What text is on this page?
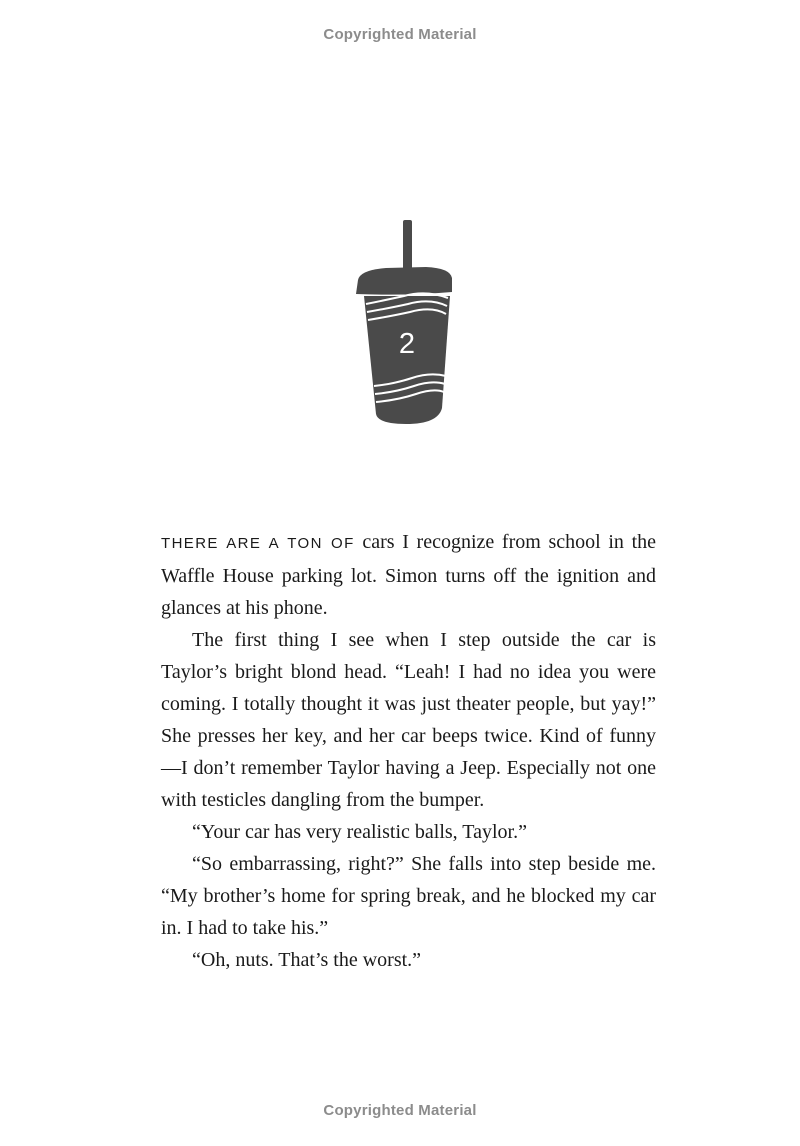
Copyrighted Material
2

THERE ARE A TON OF cars I recognize from school in the Waffle House parking lot. Simon turns off the ignition and glances at his phone.

The first thing I see when I step outside the car is Taylor’s bright blond head. “Leah! I had no idea you were coming. I totally thought it was just theater people, but yay!” She presses her key, and her car beeps twice. Kind of funny—I don’t remember Taylor having a Jeep. Especially not one with testicles dangling from the bumper.

“Your car has very realistic balls, Taylor.”

“So embarrassing, right?” She falls into step beside me. “My brother’s home for spring break, and he blocked my car in. I had to take his.”

“Oh, nuts. That’s the worst.”

Copyrighted Material
